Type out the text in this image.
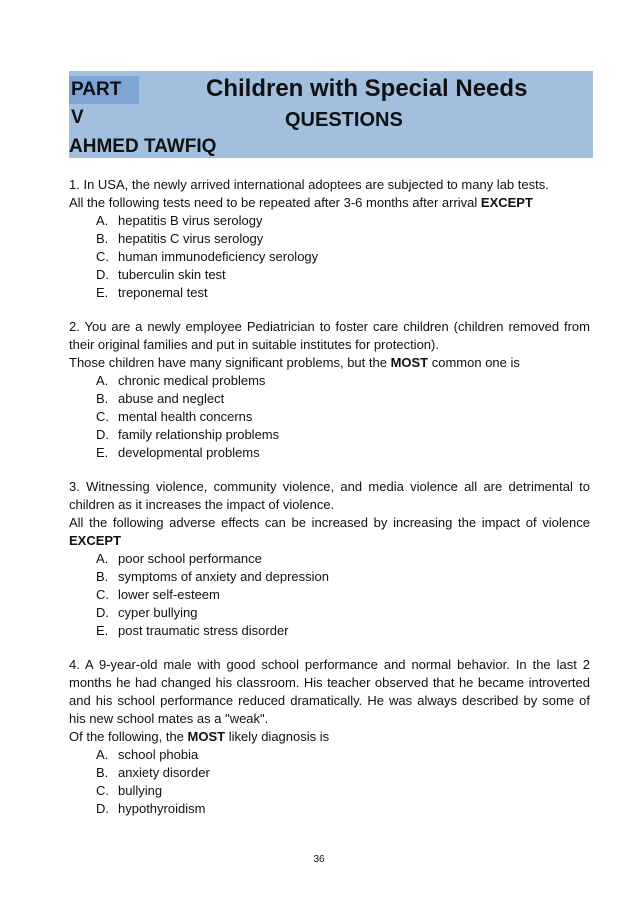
PART V
Children with Special Needs
QUESTIONS
AHMED TAWFIQ

1. In USA, the newly arrived international adoptees are subjected to many lab tests.

All the following tests need to be repeated after 3-6 months after arrival EXCEPT

A. hepatitis B virus serology
B. hepatitis C virus serology
C. human immunodeficiency serology
D. tuberculin skin test
E. treponemal test

2. You are a newly employee Pediatrician to foster care children (children removed from their original families and put in suitable institutes for protection).

Those children have many significant problems, but the MOST common one is

A. chronic medical problems
B. abuse and neglect
C. mental health concerns
D. family relationship problems
E. developmental problems

3. Witnessing violence, community violence, and media violence all are detrimental to children as it increases the impact of violence.

All the following adverse effects can be increased by increasing the impact of violence EXCEPT

A. poor school performance
B. symptoms of anxiety and depression
C. lower self-esteem
D. cyper bullying
E. post traumatic stress disorder

4. A 9-year-old male with good school performance and normal behavior. In the last 2 months he had changed his classroom. His teacher observed that he became introverted and his school performance reduced dramatically. He was always described by some of his new school mates as a "weak".

Of the following, the MOST likely diagnosis is

A. school phobia
B. anxiety disorder
C. bullying
D. hypothyroidism
36
